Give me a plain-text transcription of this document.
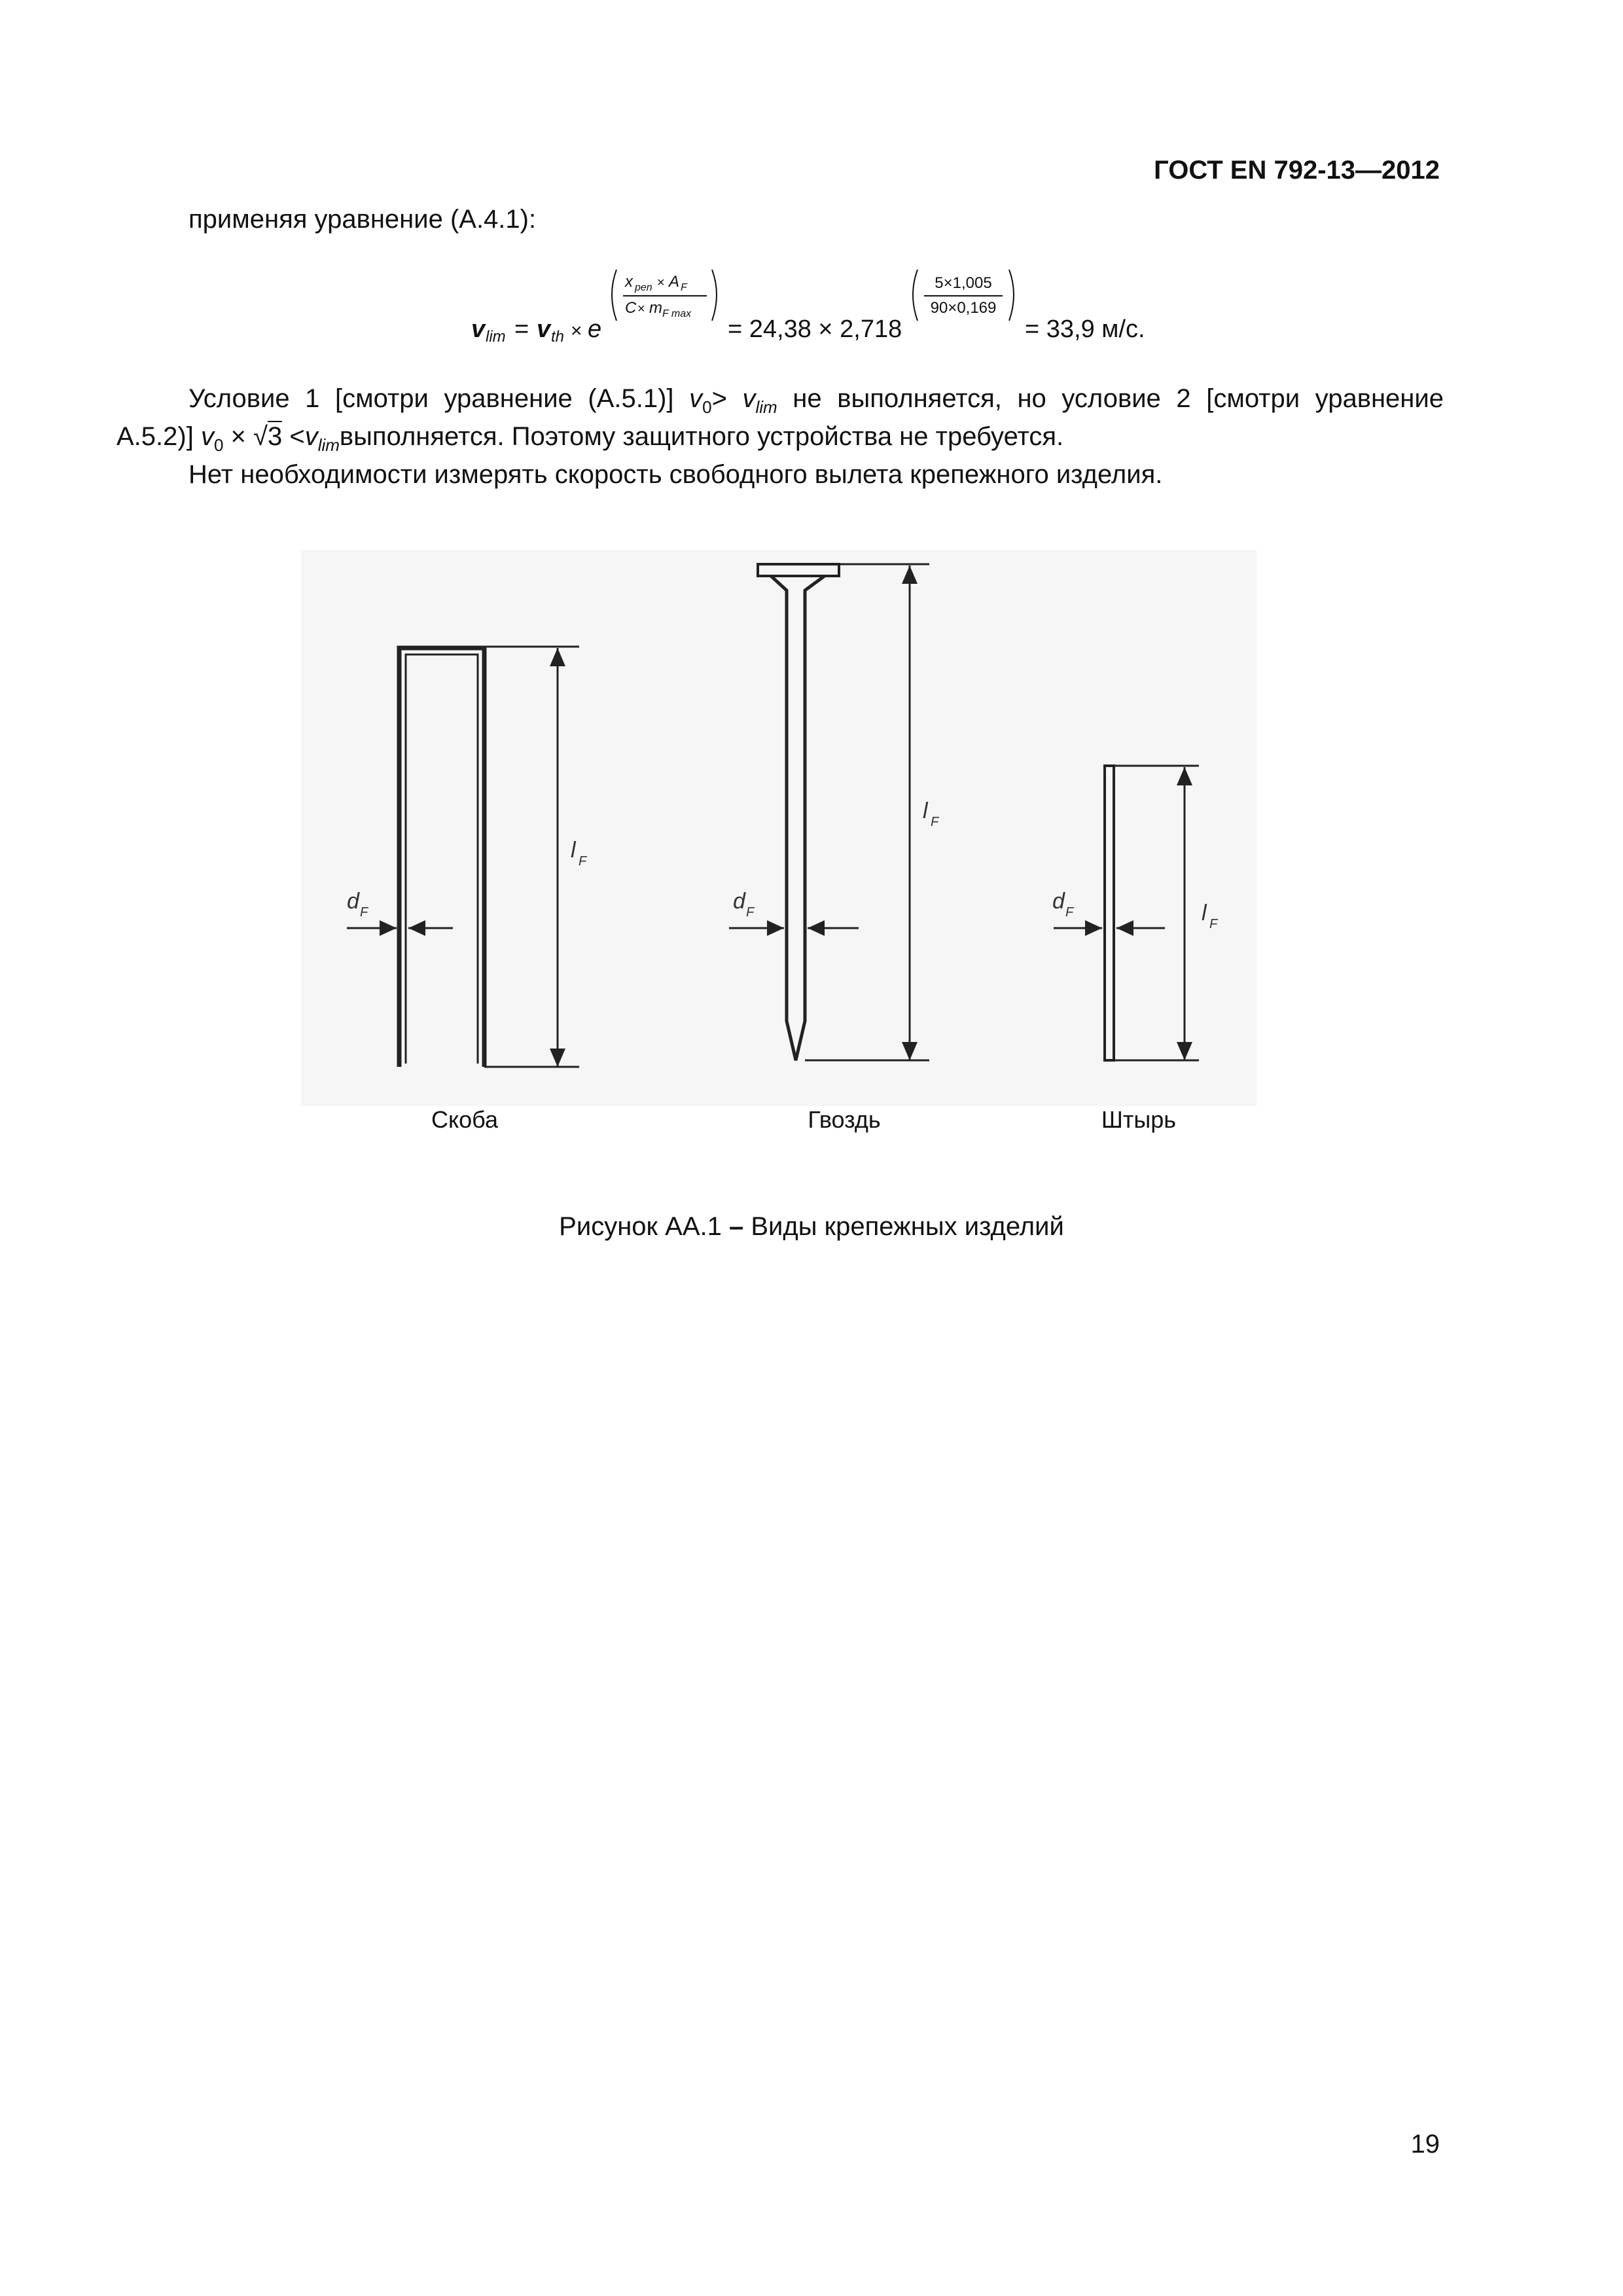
ГОСТ EN 792-13—2012
применяя уравнение (А.4.1):
v lim = v th × e
x pen × A F
C × m F max
= 24,38 × 2,718
5×1,005
90×0,169
= 33,9 м/с.
Условие 1 [смотри уравнение (А.5.1)] $v_0> v_{lim}$ не выполняется, но условие 2 [смотри уравнение
А.5.2)] $v_0 \times √3$ $<v_{lim}выполняется$. Поэтому защитного устройства не требуется.
Нет необходимости измерять скорость свободного вылета крепежного изделия.
l F
d F
l F
d F	l F
d F
Скоба	Гвоздь	Штырь
Рисунок АА.1 – Виды крепежных изделий
19
